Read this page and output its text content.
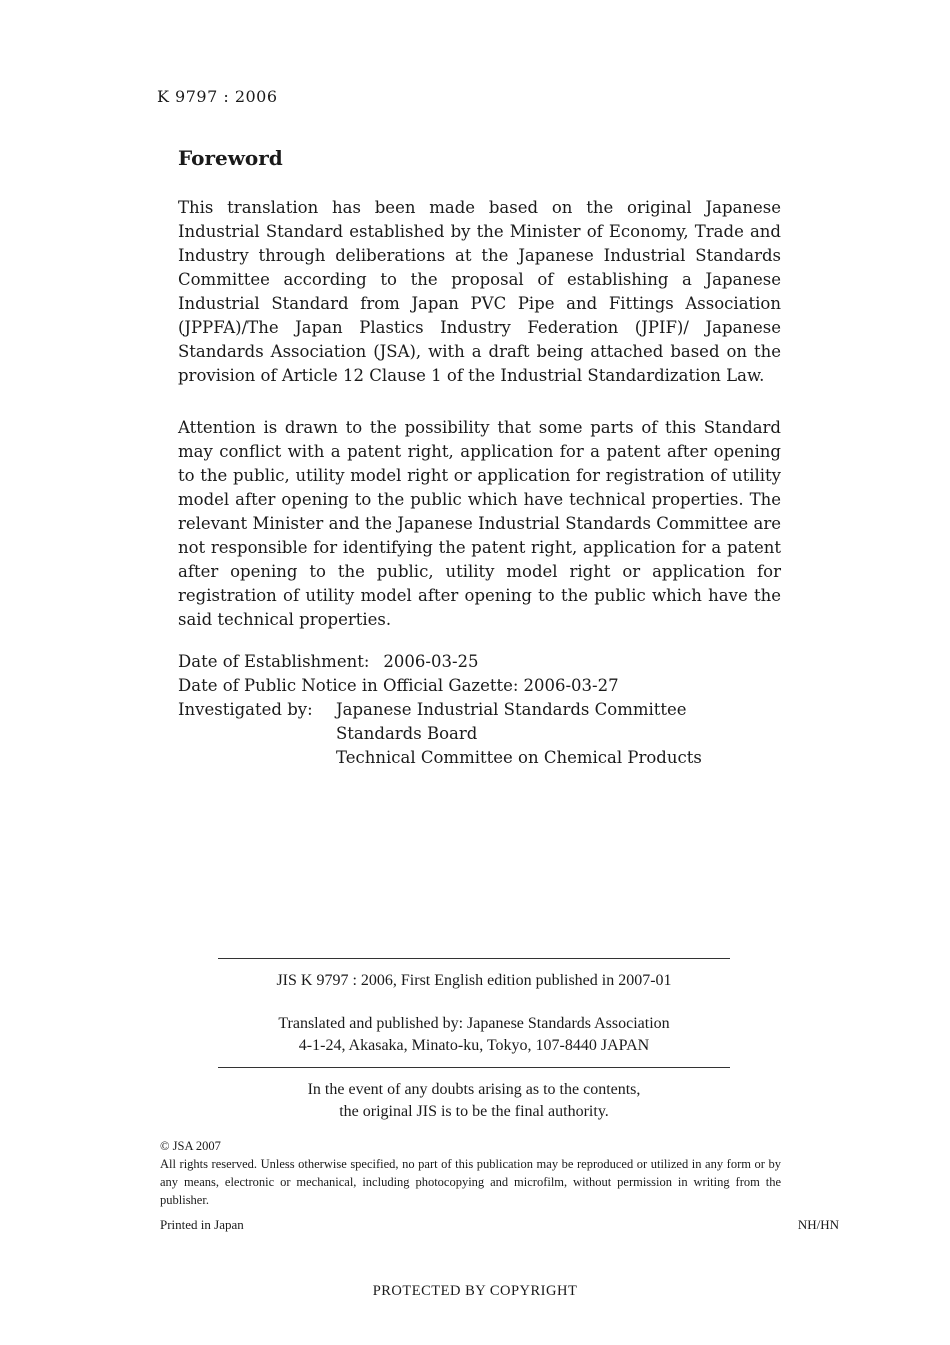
K 9797 : 2006
Foreword
This translation has been made based on the original Japanese Industrial Standard established by the Minister of Economy, Trade and Industry through deliberations at the Japanese Industrial Standards Committee according to the proposal of establishing a Japanese Industrial Standard from Japan PVC Pipe and Fittings Association (JPPFA)/The Japan Plastics Industry Federation (JPIF)/ Japanese Standards Association (JSA), with a draft being attached based on the provision of Article 12 Clause 1 of the Industrial Standardization Law.
Attention is drawn to the possibility that some parts of this Standard may conflict with a patent right, application for a patent after opening to the public, utility model right or application for registration of utility model after opening to the public which have technical properties. The relevant Minister and the Japanese Industrial Standards Committee are not responsible for identifying the patent right, application for a patent after opening to the public, utility model right or application for registration of utility model after opening to the public which have the said technical properties.
Date of Establishment: 2006-03-25
Date of Public Notice in Official Gazette: 2006-03-27
Investigated by: Japanese Industrial Standards Committee
Standards Board
Technical Committee on Chemical Products
JIS K 9797 : 2006, First English edition published in 2007-01
Translated and published by: Japanese Standards Association
4-1-24, Akasaka, Minato-ku, Tokyo, 107-8440 JAPAN
In the event of any doubts arising as to the contents,
the original JIS is to be the final authority.
© JSA 2007
All rights reserved. Unless otherwise specified, no part of this publication may be reproduced or utilized in any form or by any means, electronic or mechanical, including photocopying and microfilm, without permission in writing from the publisher.
Printed in Japan	NH/HN
PROTECTED BY COPYRIGHT
